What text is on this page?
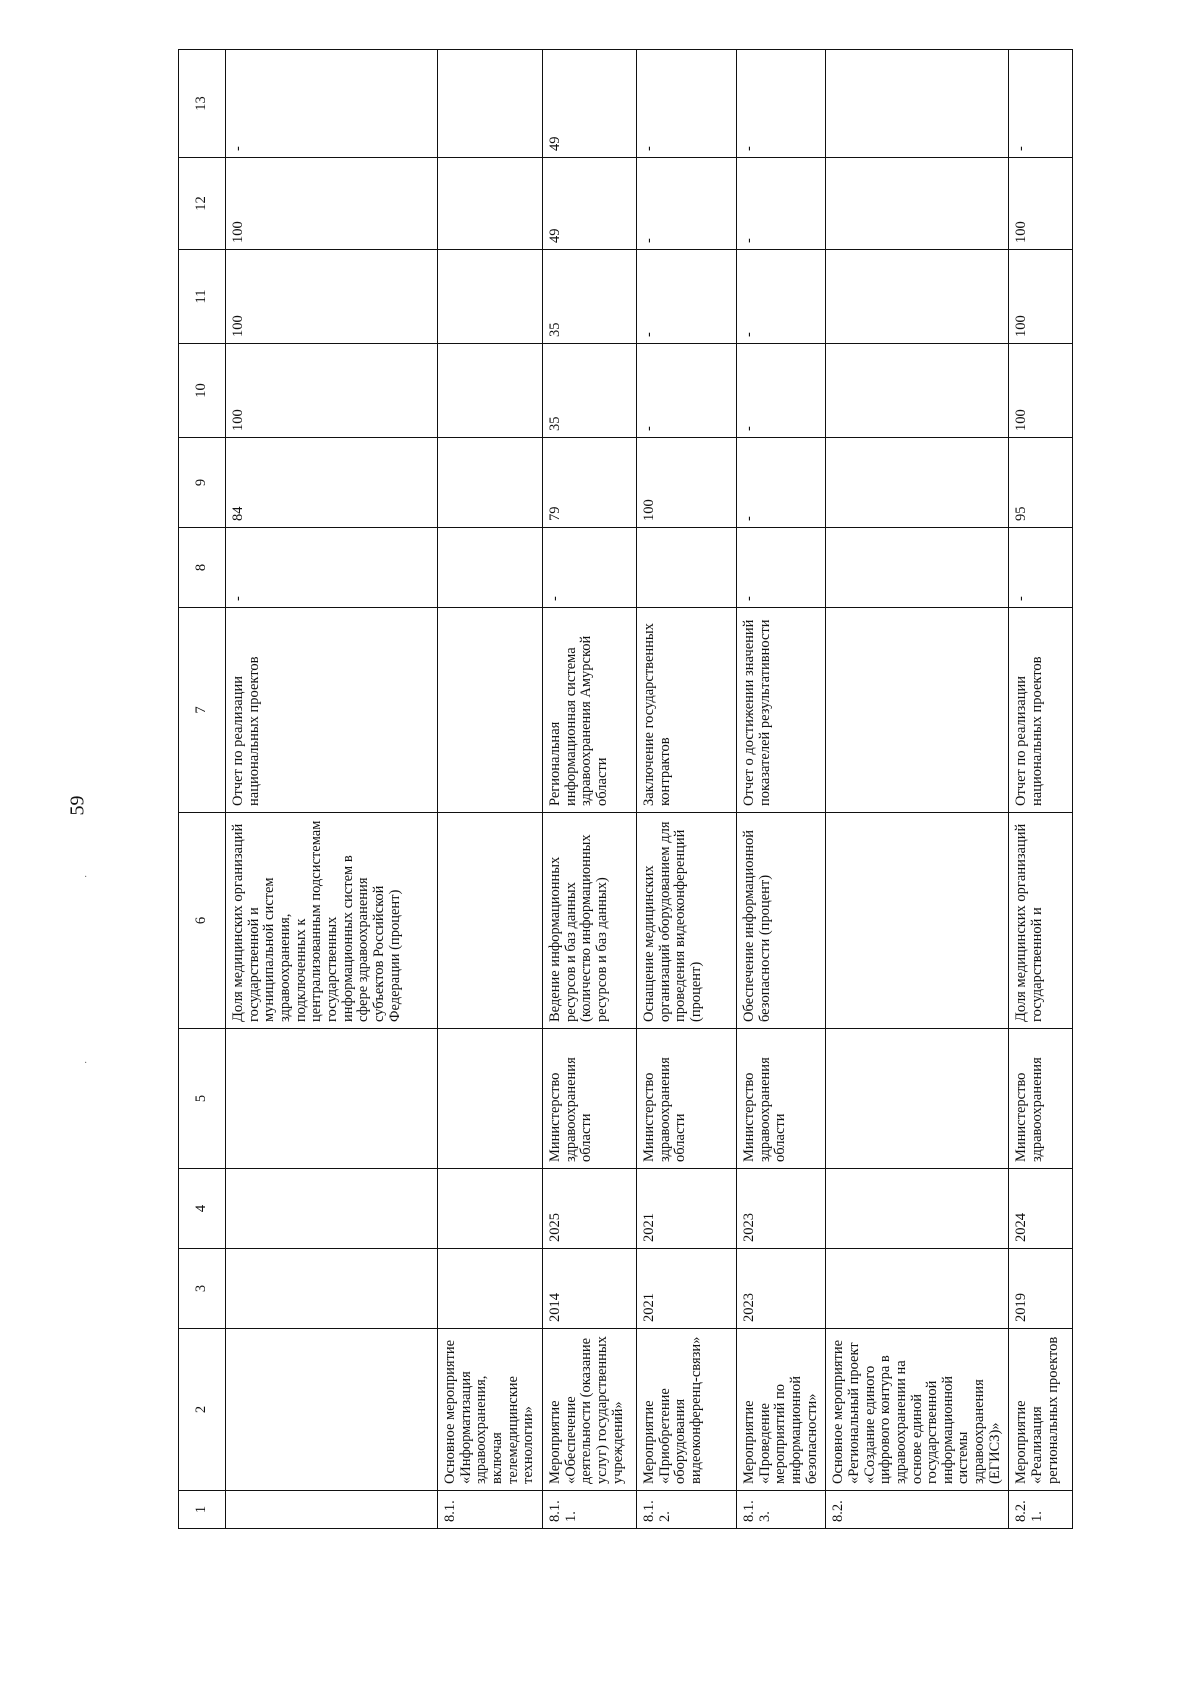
59
·
·
1	2	3	4	5	6	7	8	9	10	11	12	13
					Доля медицинских организаций государственной и муниципальной систем здравоохранения, подключенных к централизованным подсистемам государственных информационных систем в сфере здравоохранения субъектов Российской Федерации (процент)	Отчет по реализации национальных проектов	-	84	100	100	100	-
8.1.	Основное мероприятие «Информатизация здравоохранения, включая телемедицинские технологии»											
8.1.1.	Мероприятие «Обеспечение деятельности (оказание услуг) государственных учреждений»	2014	2025	Министерство здравоохранения области	Ведение информационных ресурсов и баз данных (количество информационных ресурсов и баз данных)	Региональная информационная система здравоохранения Амурской области	-	79	35	35	49	49
8.1.2.	Мероприятие «Приобретение оборудования видеоконференц-связи»	2021	2021	Министерство здравоохранения области	Оснащение медицинских организаций оборудованием для проведения видеоконференций (процент)	Заключение государственных контрактов		100	-	-	-	-
8.1.3.	Мероприятие «Проведение мероприятий по информационной безопасности»	2023	2023	Министерство здравоохранения области	Обеспечение информационной безопасности (процент)	Отчет о достижении значений показателей результативности	-	-	-	-	-	-
8.2.	Основное мероприятие «Региональный проект «Создание единого цифрового контура в здравоохранении на основе единой государственной информационной системы здравоохранения (ЕГИСЗ)»											
8.2.1.	Мероприятие «Реализация региональных проектов	2019	2024	Министерство здравоохранения	Доля медицинских организаций государственной и	Отчет по реализации национальных проектов	-	95	100	100	100	-
